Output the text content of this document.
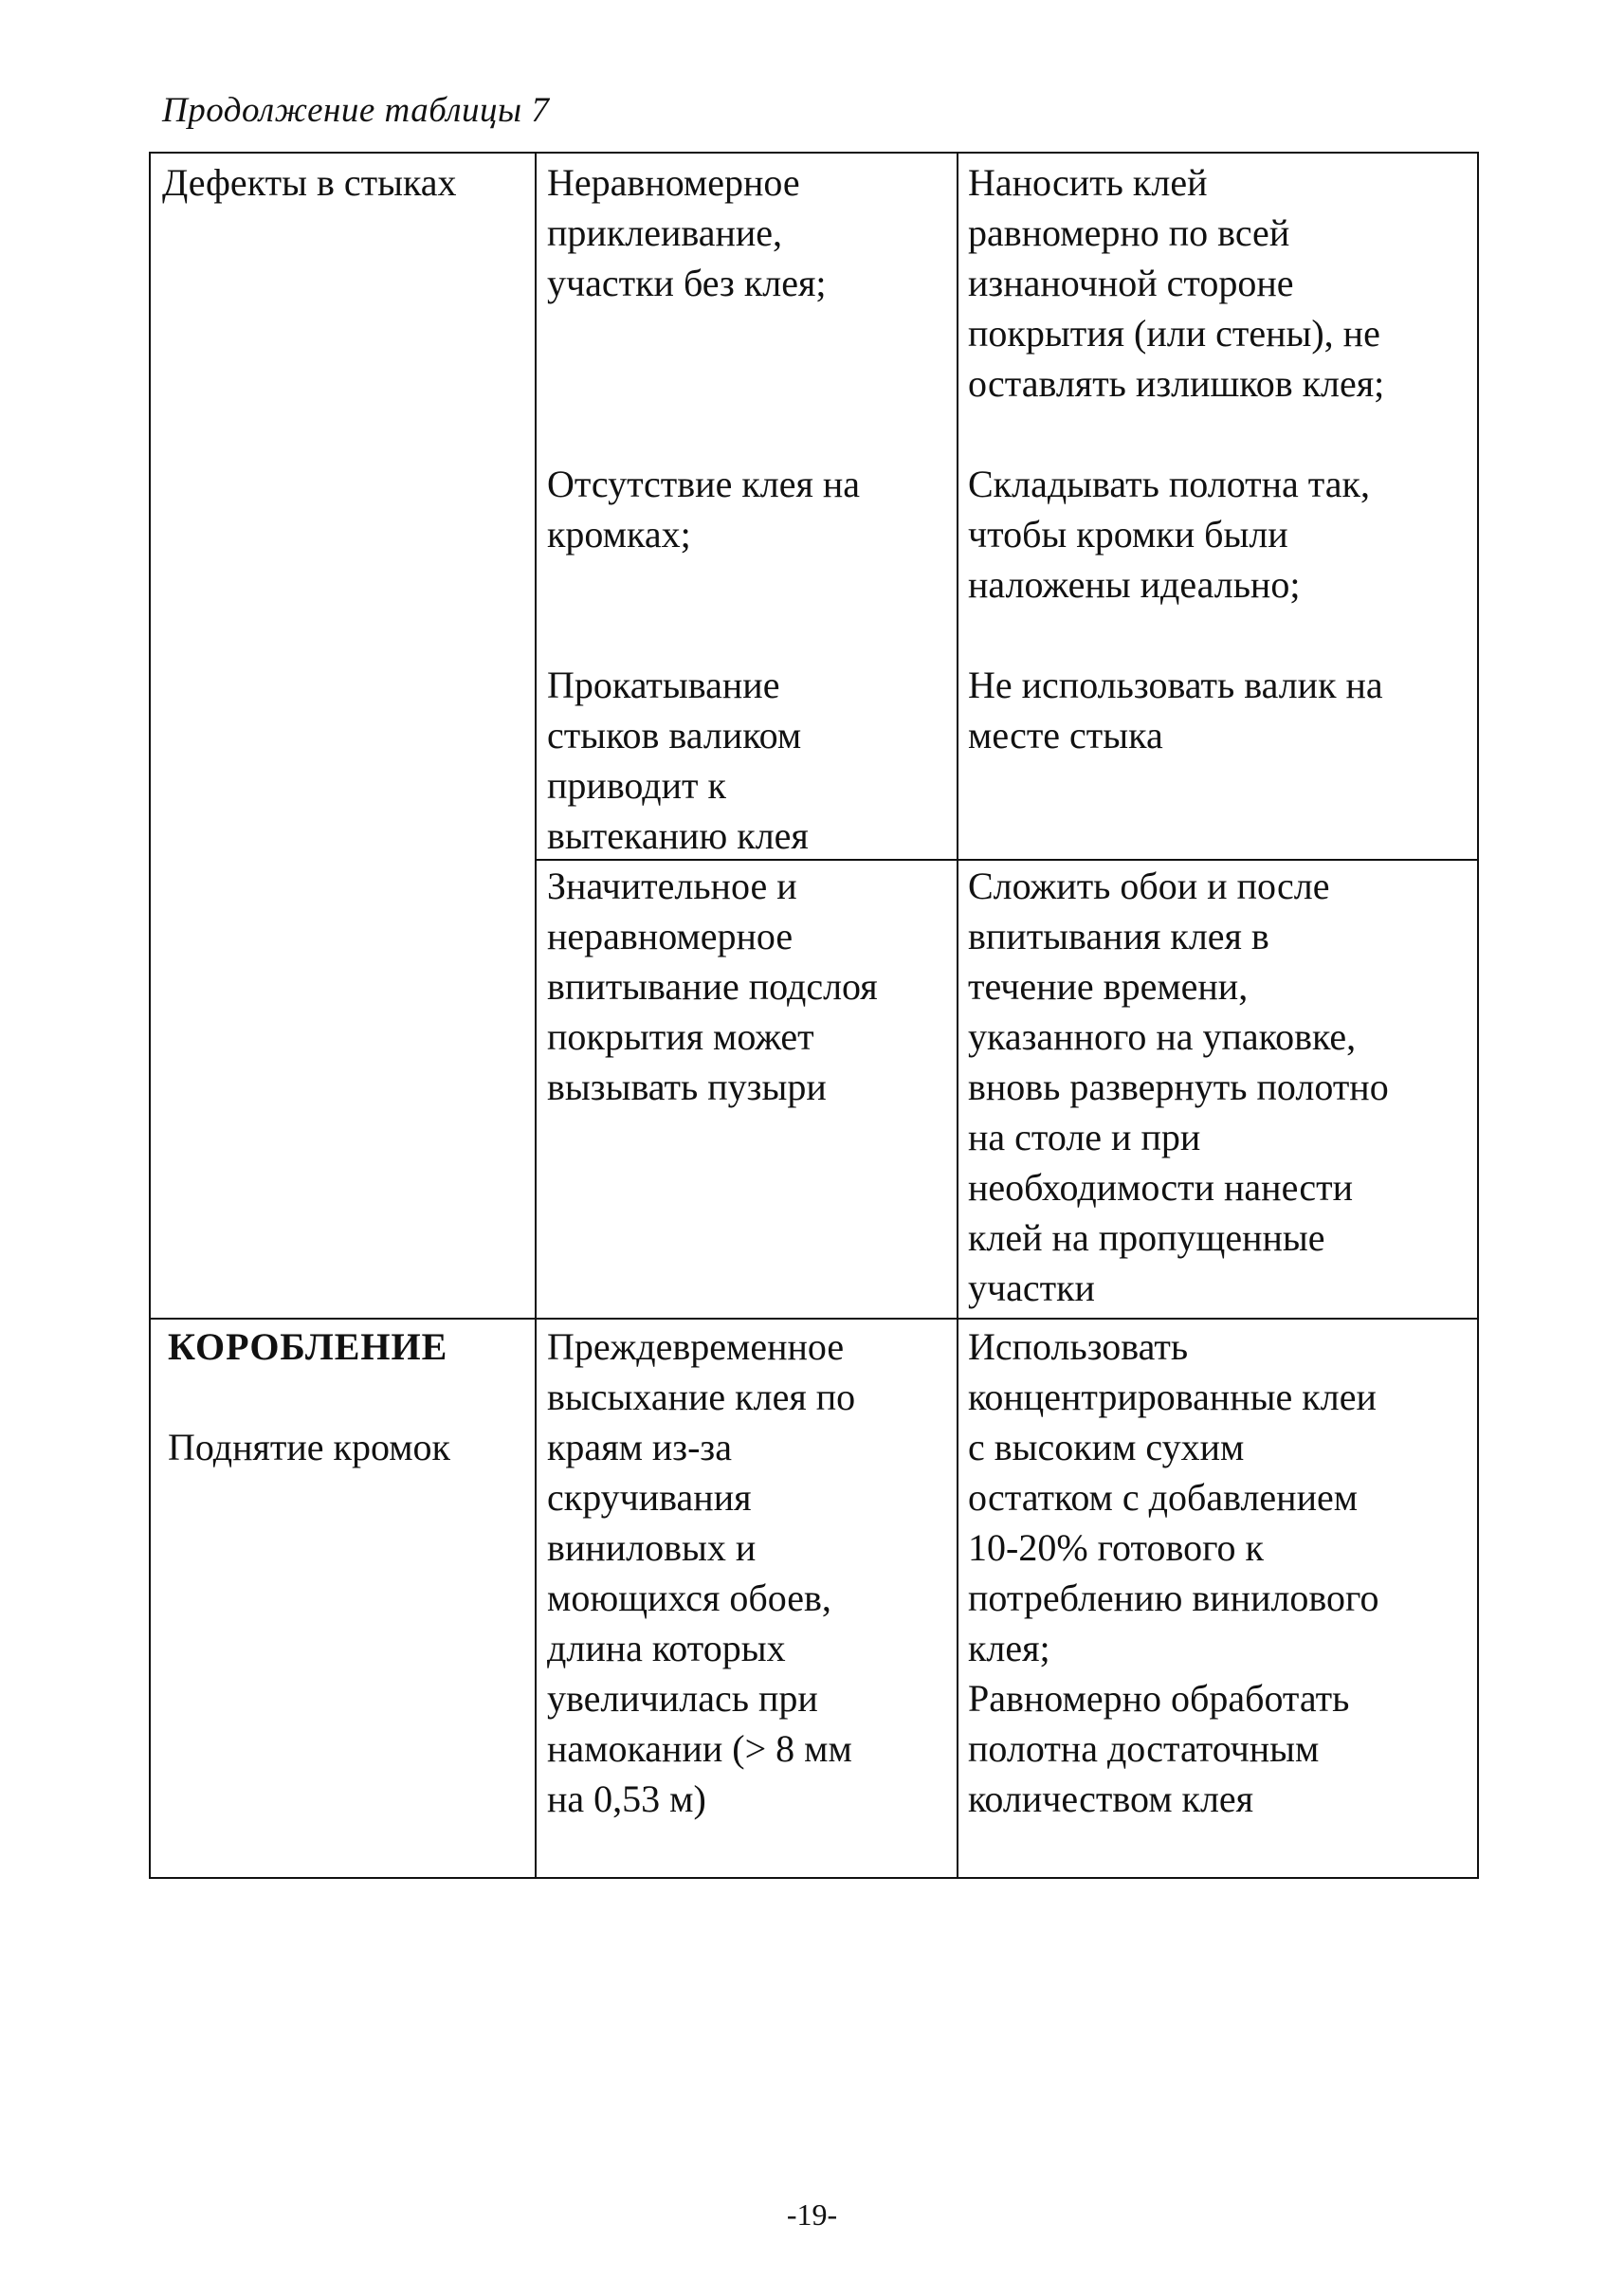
Продолжение таблицы 7
Дефекты в стыках Неравномерное
приклеивание,
участки без клея;
Наносить клей
равномерно по всей
изнаночной стороне
покрытия (или стены), не
оставлять излишков клея;
Отсутствие клея на
кромках;
Складывать полотна так,
чтобы кромки были
наложены идеально;
Прокатывание
стыков валиком
приводит к
вытеканию клея
Не использовать валик на
месте стыка
Значительное и
неравномерное
впитывание подслоя
покрытия может
вызывать пузыри
Сложить обои и после
впитывания клея в
течение времени,
указанного на упаковке,
вновь развернуть полотно
на столе и при
необходимости нанести
клей на пропущенные
участки
КОРОБЛЕНИЕ
Поднятие кромок
Преждевременное
высыхание клея по
краям из-за
скручивания
виниловых и
моющихся обоев,
длина которых
увеличилась при
намокании (> 8 мм
на 0,53 м)
Использовать
концентрированные клеи
с высоким сухим
остатком с добавлением
10-20% готового к
потреблению винилового
клея;
Равномерно обработать
полотна достаточным
количеством клея
-19-
